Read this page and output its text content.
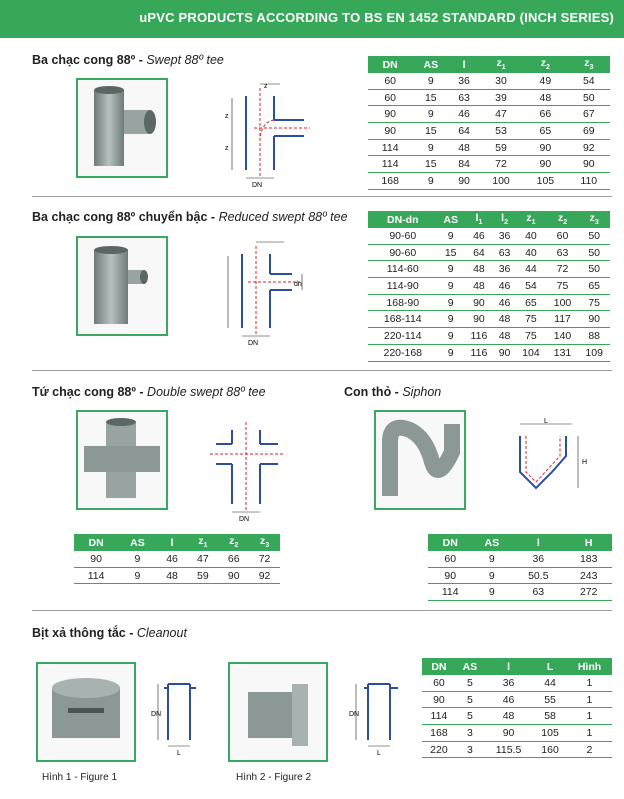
uPVC PRODUCTS ACCORDING TO BS EN 1452 STANDARD (INCH SERIES)
Ba chạc cong 88º - Swept 88º tee
z
z
z
DN
DN	AS	l	$z_1$	$z_2$	$z_3$
60	9	36	30	49	54
60	15	63	39	48	50
90	9	46	47	66	67
90	15	64	53	65	69
114	9	48	59	90	92
114	15	84	72	90	90
168	9	90	100	105	110
Ba chạc cong 88º chuyển bậc - Reduced swept 88º tee
dn
DN
DN-dn	AS	$l_1$	$l_2$	$z_1$	$z_2$	$z_3$
90-60	9	46	36	40	60	50
90-60	15	64	63	40	63	50
114-60	9	48	36	44	72	50
114-90	9	48	46	54	75	65
168-90	9	90	46	65	100	75
168-114	9	90	48	75	117	90
220-114	9	116	48	75	140	88
220-168	9	116	90	104	131	109
Tứ chạc cong 88º - Double swept 88º tee
DN
DN	AS	l	$z_1$	$z_2$	$z_3$
90	9	46	47	66	72
114	9	48	59	90	92
Con thỏ - Siphon
L
H
DN	AS	l	H
60	9	36	183
90	9	50.5	243
114	9	63	272
Bịt xả thông tắc - Cleanout
DN
L
Hình 1 - Figure 1
DN
L
Hình 2 - Figure 2
DN	AS	l	L	Hình
60	5	36	44	1
90	5	46	55	1
114	5	48	58	1
168	3	90	105	1
220	3	115.5	160	2
